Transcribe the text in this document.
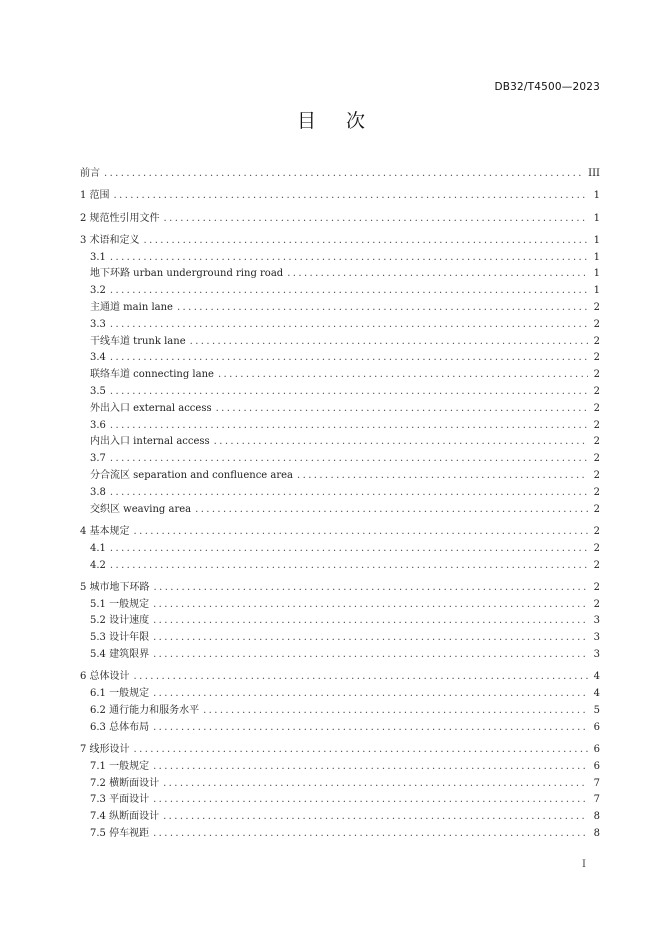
DB32/T4500—2023
目 次
前言 .....	III
1 范围 .....	1
2 规范性引用文件 .....	1
3 术语和定义 .....	1
3.1 .....	1
地下环路 urban underground ring road .....	1
3.2 .....	1
主通道 main lane .....	2
3.3 .....	2
干线车道 trunk lane .....	2
3.4 .....	2
联络车道 connecting lane .....	2
3.5 .....	2
外出入口 external access .....	2
3.6 .....	2
内出入口 internal access .....	2
3.7 .....	2
分合流区 separation and confluence area .....	2
3.8 .....	2
交织区 weaving area .....	2
4 基本规定 .....	2
4.1 .....	2
4.2 .....	2
5 城市地下环路 .....	2
5.1 一般规定 .....	2
5.2 设计速度 .....	3
5.3 设计年限 .....	3
5.4 建筑限界 .....	3
6 总体设计 .....	4
6.1 一般规定 .....	4
6.2 通行能力和服务水平 .....	5
6.3 总体布局 .....	6
7 线形设计 .....	6
7.1 一般规定 .....	6
7.2 横断面设计 .....	7
7.3 平面设计 .....	7
7.4 纵断面设计 .....	8
7.5 停车视距 .....	8
I
